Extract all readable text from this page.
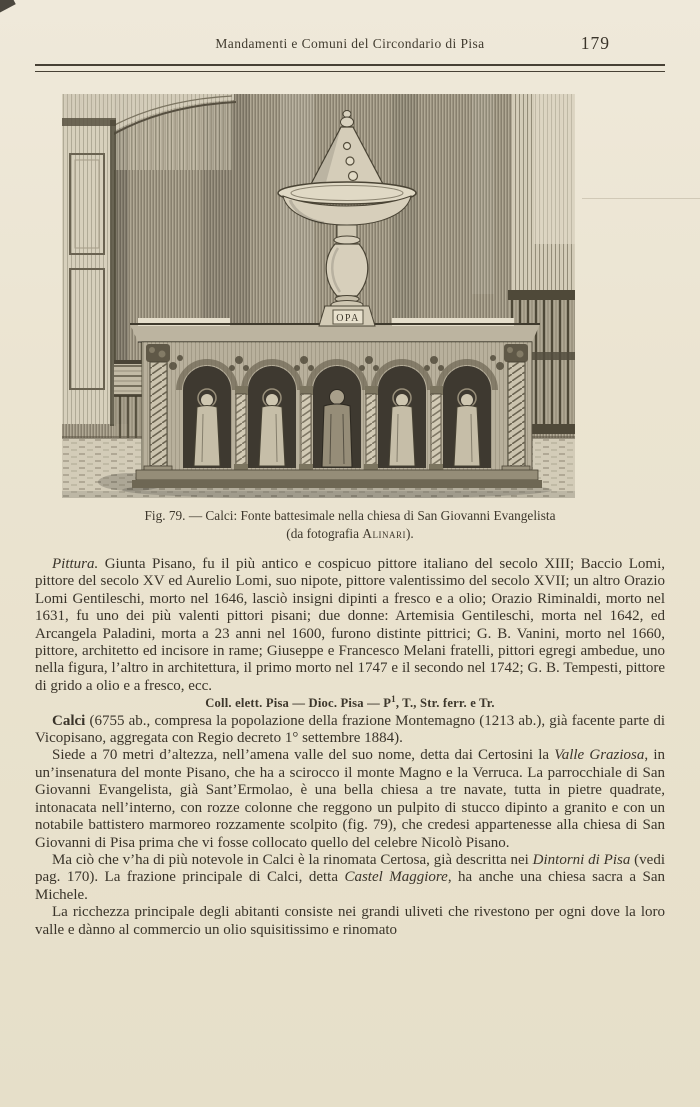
Mandamenti e Comuni del Circondario di Pisa	179
OPA
Fig. 79. — Calci: Fonte battesimale nella chiesa di San Giovanni Evangelista
(da fotografia Alinari).

Pittura. Giunta Pisano, fu il più antico e cospicuo pittore italiano del secolo XIII; Baccio Lomi, pittore del secolo XV ed Aurelio Lomi, suo nipote, pittore valentissimo del secolo XVII; un altro Orazio Lomi Gentileschi, morto nel 1646, lasciò insigni dipinti a fresco e a olio; Orazio Riminaldi, morto nel 1631, fu uno dei più valenti pittori pisani; due donne: Artemisia Gentileschi, morta nel 1642, ed Arcangela Paladini, morta a 23 anni nel 1600, furono distinte pittrici; G. B. Vanini, morto nel 1660, pittore, architetto ed incisore in rame; Giuseppe e Francesco Melani fratelli, pittori egregi ambedue, uno nella figura, l’altro in architettura, il primo morto nel 1747 e il secondo nel 1742; G. B. Tempesti, pittore di grido a olio e a fresco, ecc.

Coll. elett. Pisa — Dioc. Pisa — $P^1$, T., Str. ferr. e Tr.

Calci (6755 ab., compresa la popolazione della frazione Montemagno (1213 ab.), già facente parte di Vicopisano, aggregata con Regio decreto 1° settembre 1884).

Siede a 70 metri d’altezza, nell’amena valle del suo nome, detta dai Certosini la Valle Graziosa, in un’insenatura del monte Pisano, che ha a scirocco il monte Magno e la Verruca. La parrocchiale di San Giovanni Evangelista, già Sant’Ermolao, è una bella chiesa a tre navate, tutta in pietre quadrate, intonacata nell’interno, con rozze colonne che reggono un pulpito di stucco dipinto a granito e con un notabile battistero marmoreo rozzamente scolpito (fig. 79), che credesi appartenesse alla chiesa di San Giovanni di Pisa prima che vi fosse collocato quello del celebre Nicolò Pisano.

Ma ciò che v’ha di più notevole in Calci è la rinomata Certosa, già descritta nei Dintorni di Pisa (vedi pag. 170). La frazione principale di Calci, detta Castel Maggiore, ha anche una chiesa sacra a San Michele.

La ricchezza principale degli abitanti consiste nei grandi uliveti che rivestono per ogni dove la loro valle e dànno al commercio un olio squisitissimo e rinomato
